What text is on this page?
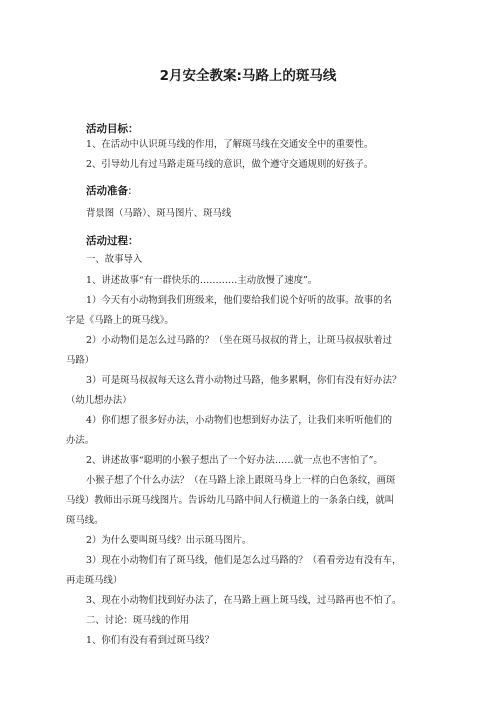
2月安全教案:马路上的斑马线
活动目标：
1、在活动中认识斑马线的作用，了解斑马线在交通安全中的重要性。
2、引导幼儿有过马路走斑马线的意识，做个遵守交通规则的好孩子。
活动准备:
背景图（马路）、斑马图片、斑马线
活动过程：
一、故事导入
1、讲述故事“有一群快乐的…………主动放慢了速度”。
1）今天有小动物到我们班级来，他们要给我们说个好听的故事。故事的名
字是《马路上的斑马线》。
2）小动物们是怎么过马路的？（坐在斑马叔叔的背上，让斑马叔叔驮着过
马路）
3）可是斑马叔叔每天这么背小动物过马路，他多累啊，你们有没有好办法？
（幼儿想办法）
4）你们想了很多好办法，小动物们也想到好办法了，让我们来听听他们的
办法。
2、讲述故事“聪明的小猴子想出了一个好办法……就一点也不害怕了”。
小猴子想了个什么办法？（在马路上涂上跟斑马身上一样的白色条纹，画斑
马线）教师出示斑马线图片。告诉幼儿马路中间人行横道上的一条条白线，就叫
斑马线。
2）为什么要叫斑马线？出示斑马图片。
3）现在小动物们有了斑马线，他们是怎么过马路的？（看看旁边有没有车，
再走斑马线）
3、现在小动物们找到好办法了，在马路上画上斑马线，过马路再也不怕了。
二、讨论：斑马线的作用
1、你们有没有看到过斑马线？
